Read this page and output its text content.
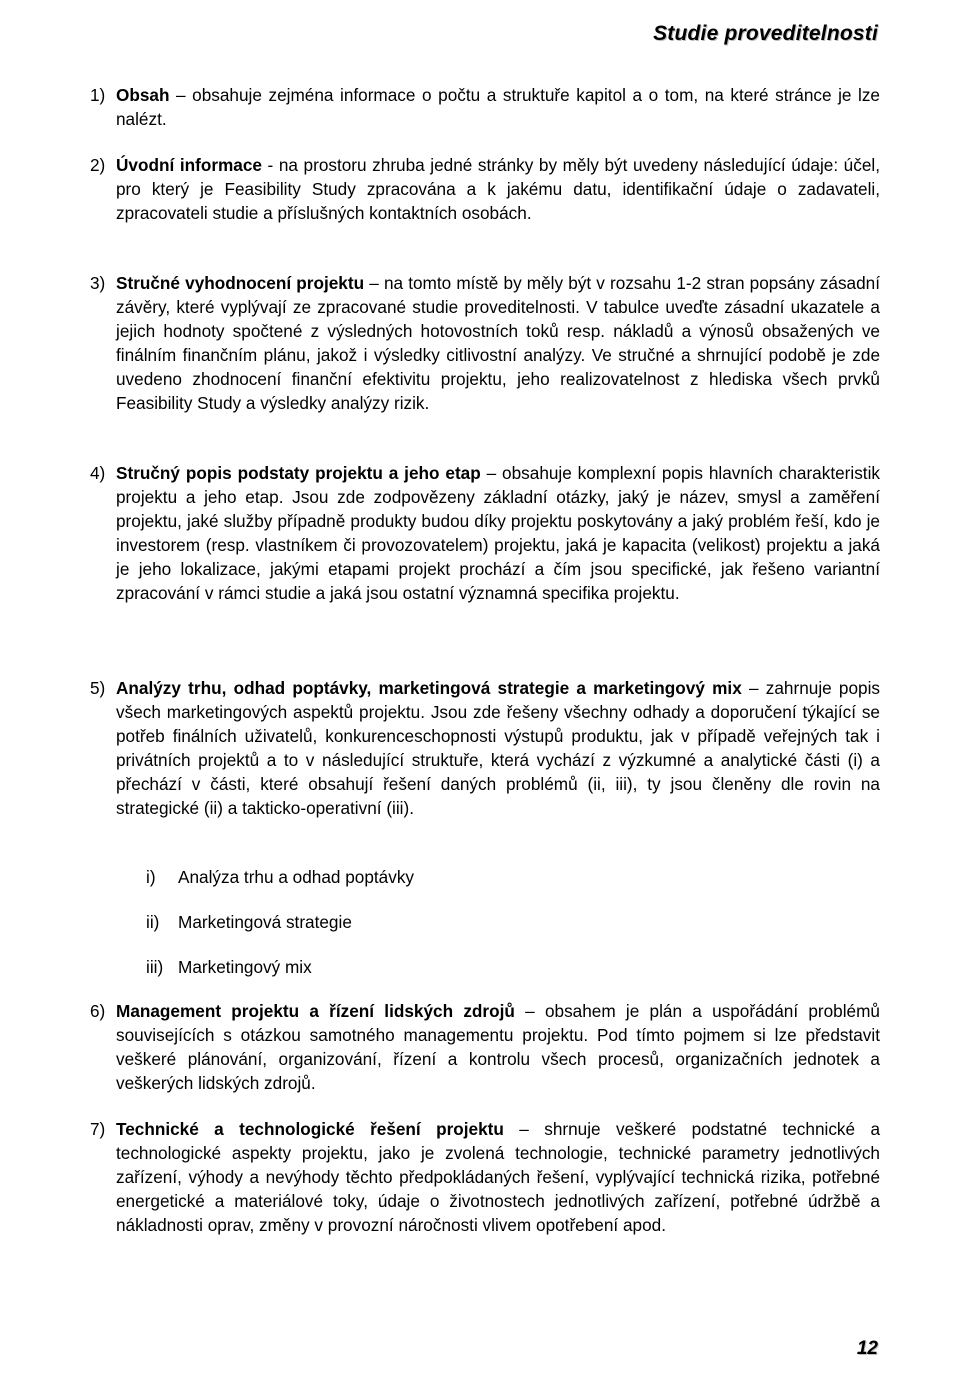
Studie proveditelnosti
1) Obsah – obsahuje zejména informace o počtu a struktuře kapitol a o tom, na které stránce je lze nalézt.
2) Úvodní informace - na prostoru zhruba jedné stránky by měly být uvedeny následující údaje: účel, pro který je Feasibility Study zpracována a k jakému datu, identifikační údaje o zadavateli, zpracovateli studie a příslušných kontaktních osobách.
3) Stručné vyhodnocení projektu – na tomto místě by měly být v rozsahu 1-2 stran popsány zásadní závěry, které vyplývají ze zpracované studie proveditelnosti. V tabulce uveďte zásadní ukazatele a jejich hodnoty spočtené z výsledných hotovostních toků resp. nákladů a výnosů obsažených ve finálním finančním plánu, jakož i výsledky citlivostní analýzy. Ve stručné a shrnující podobě je zde uvedeno zhodnocení finanční efektivitu projektu, jeho realizovatelnost z hlediska všech prvků Feasibility Study a výsledky analýzy rizik.
4) Stručný popis podstaty projektu a jeho etap – obsahuje komplexní popis hlavních charakteristik projektu a jeho etap. Jsou zde zodpovězeny základní otázky, jaký je název, smysl a zaměření projektu, jaké služby případně produkty budou díky projektu poskytovány a jaký problém řeší, kdo je investorem (resp. vlastníkem či provozovatelem) projektu, jaká je kapacita (velikost) projektu a jaká je jeho lokalizace, jakými etapami projekt prochází a čím jsou specifické, jak řešeno variantní zpracování v rámci studie a jaká jsou ostatní významná specifika projektu.
5) Analýzy trhu, odhad poptávky, marketingová strategie a marketingový mix – zahrnuje popis všech marketingových aspektů projektu. Jsou zde řešeny všechny odhady a doporučení týkající se potřeb finálních uživatelů, konkurenceschopnosti výstupů produktu, jak v případě veřejných tak i privátních projektů a to v následující struktuře, která vychází z výzkumné a analytické části (i) a přechází v části, které obsahují řešení daných problémů (ii, iii), ty jsou členěny dle rovin na strategické (ii) a takticko-operativní (iii).
i) Analýza trhu a odhad poptávky
ii) Marketingová strategie
iii) Marketingový mix
6) Management projektu a řízení lidských zdrojů – obsahem je plán a uspořádání problémů souvisejících s otázkou samotného managementu projektu. Pod tímto pojmem si lze představit veškeré plánování, organizování, řízení a kontrolu všech procesů, organizačních jednotek a veškerých lidských zdrojů.
7) Technické a technologické řešení projektu – shrnuje veškeré podstatné technické a technologické aspekty projektu, jako je zvolená technologie, technické parametry jednotlivých zařízení, výhody a nevýhody těchto předpokládaných řešení, vyplývající technická rizika, potřebné energetické a materiálové toky, údaje o životnostech jednotlivých zařízení, potřebné údržbě a nákladnosti oprav, změny v provozní náročnosti vlivem opotřebení apod.
12
